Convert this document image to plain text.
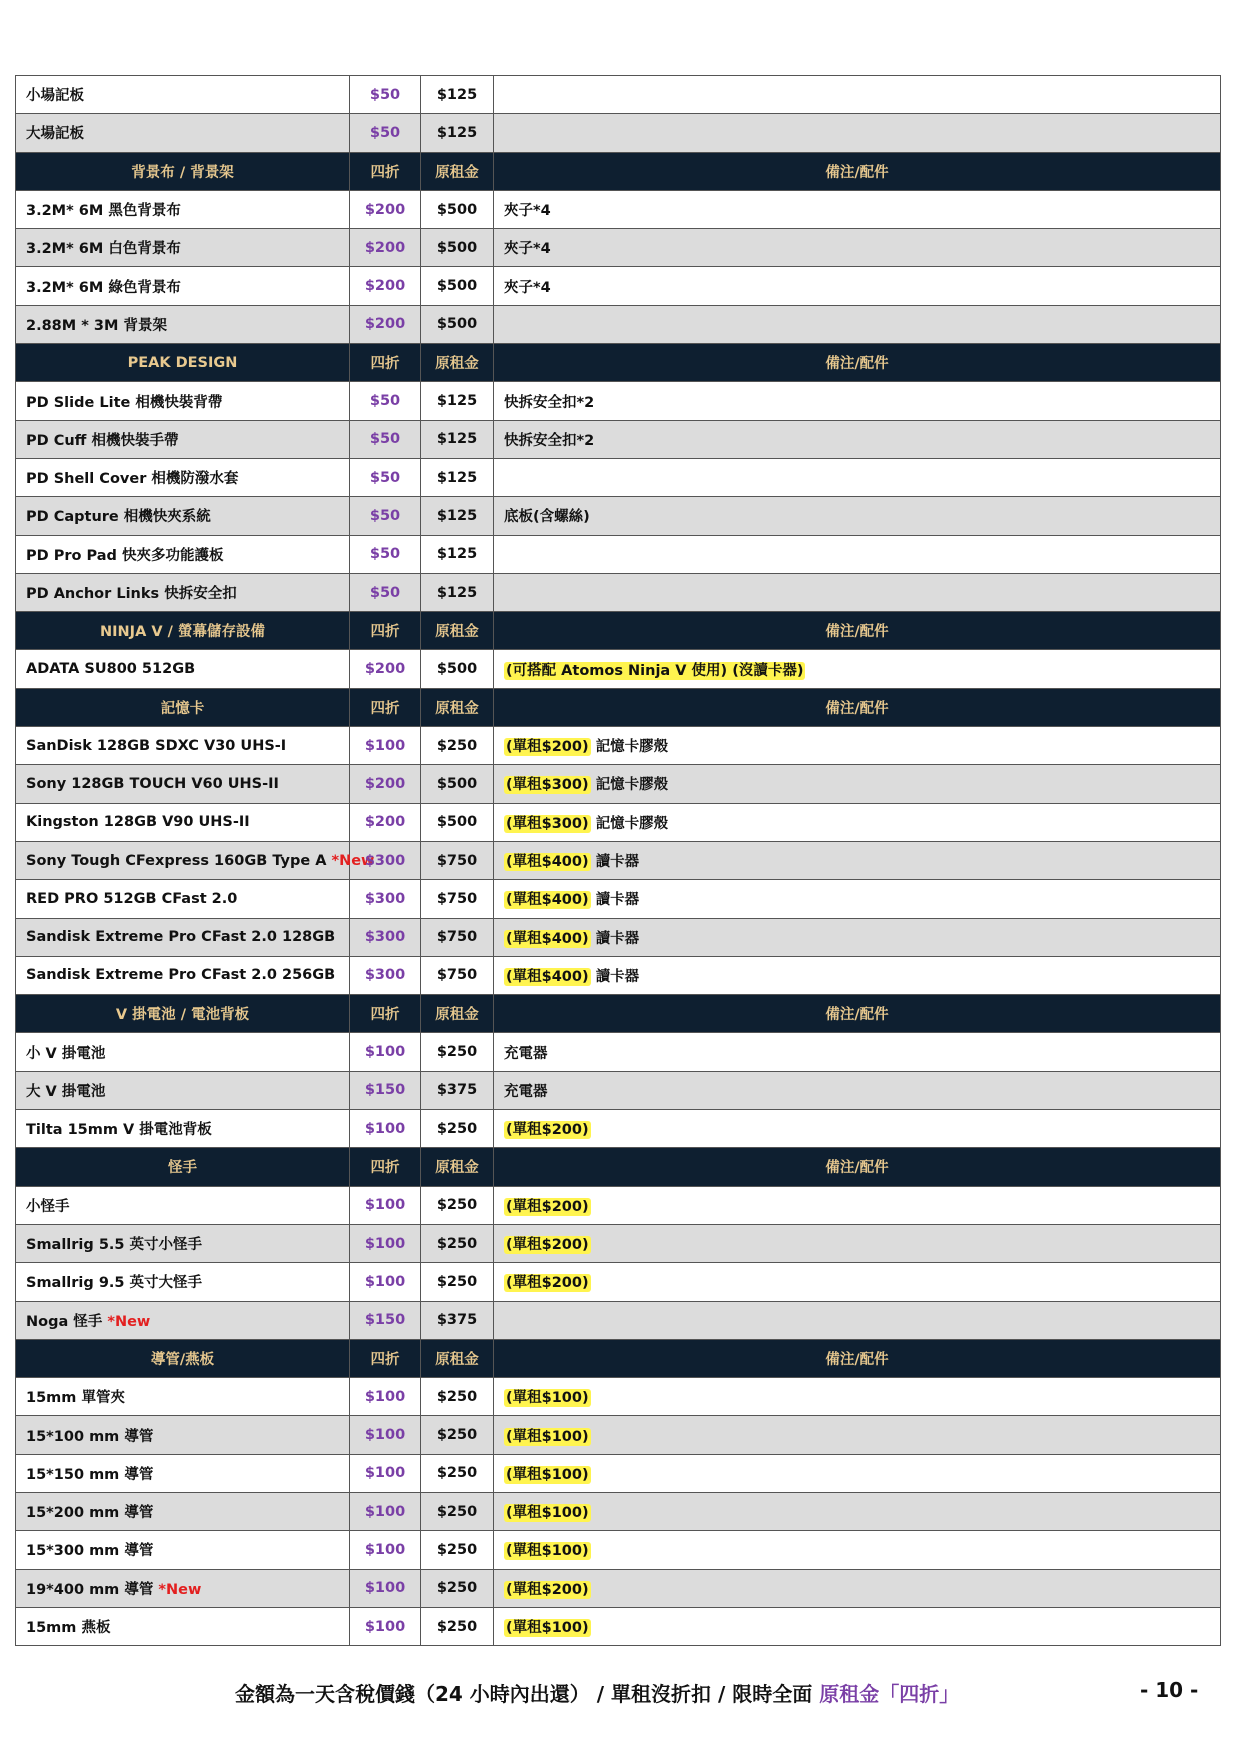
小場記板	$50	$125	
大場記板	$50	$125	
背景布 / 背景架	四折	原租金	備注/配件
3.2M* 6M 黑色背景布	$200	$500	夾子*4
3.2M* 6M 白色背景布	$200	$500	夾子*4
3.2M* 6M 綠色背景布	$200	$500	夾子*4
2.88M * 3M 背景架	$200	$500	
PEAK DESIGN	四折	原租金	備注/配件
PD Slide Lite 相機快裝背帶	$50	$125	快拆安全扣*2
PD Cuff 相機快裝手帶	$50	$125	快拆安全扣*2
PD Shell Cover 相機防潑水套	$50	$125	
PD Capture 相機快夾系統	$50	$125	底板(含螺絲)
PD Pro Pad 快夾多功能護板	$50	$125	
PD Anchor Links 快拆安全扣	$50	$125	
NINJA V / 螢幕儲存設備	四折	原租金	備注/配件
ADATA SU800 512GB	$200	$500	(可搭配 Atomos Ninja V 使用) (沒讀卡器)
記憶卡	四折	原租金	備注/配件
SanDisk 128GB SDXC V30 UHS-I	$100	$250	(單租$200) 記憶卡膠殼
Sony 128GB TOUCH V60 UHS-II	$200	$500	(單租$300) 記憶卡膠殼
Kingston 128GB V90 UHS-II	$200	$500	(單租$300) 記憶卡膠殼
Sony Tough CFexpress 160GB Type A *New	$300	$750	(單租$400) 讀卡器
RED PRO 512GB CFast 2.0	$300	$750	(單租$400) 讀卡器
Sandisk Extreme Pro CFast 2.0 128GB	$300	$750	(單租$400) 讀卡器
Sandisk Extreme Pro CFast 2.0 256GB	$300	$750	(單租$400) 讀卡器
V 掛電池 / 電池背板	四折	原租金	備注/配件
小 V 掛電池	$100	$250	充電器
大 V 掛電池	$150	$375	充電器
Tilta 15mm V 掛電池背板	$100	$250	(單租$200)
怪手	四折	原租金	備注/配件
小怪手	$100	$250	(單租$200)
Smallrig 5.5 英寸小怪手	$100	$250	(單租$200)
Smallrig 9.5 英寸大怪手	$100	$250	(單租$200)
Noga 怪手 *New	$150	$375	
導管/燕板	四折	原租金	備注/配件
15mm 單管夾	$100	$250	(單租$100)
15*100 mm 導管	$100	$250	(單租$100)
15*150 mm 導管	$100	$250	(單租$100)
15*200 mm 導管	$100	$250	(單租$100)
15*300 mm 導管	$100	$250	(單租$100)
19*400 mm 導管 *New	$100	$250	(單租$200)
15mm 燕板	$100	$250	(單租$100)
金額為一天含稅價錢（24 小時內出還） / 單租沒折扣 / 限時全面 原租金「四折」	- 10 -
